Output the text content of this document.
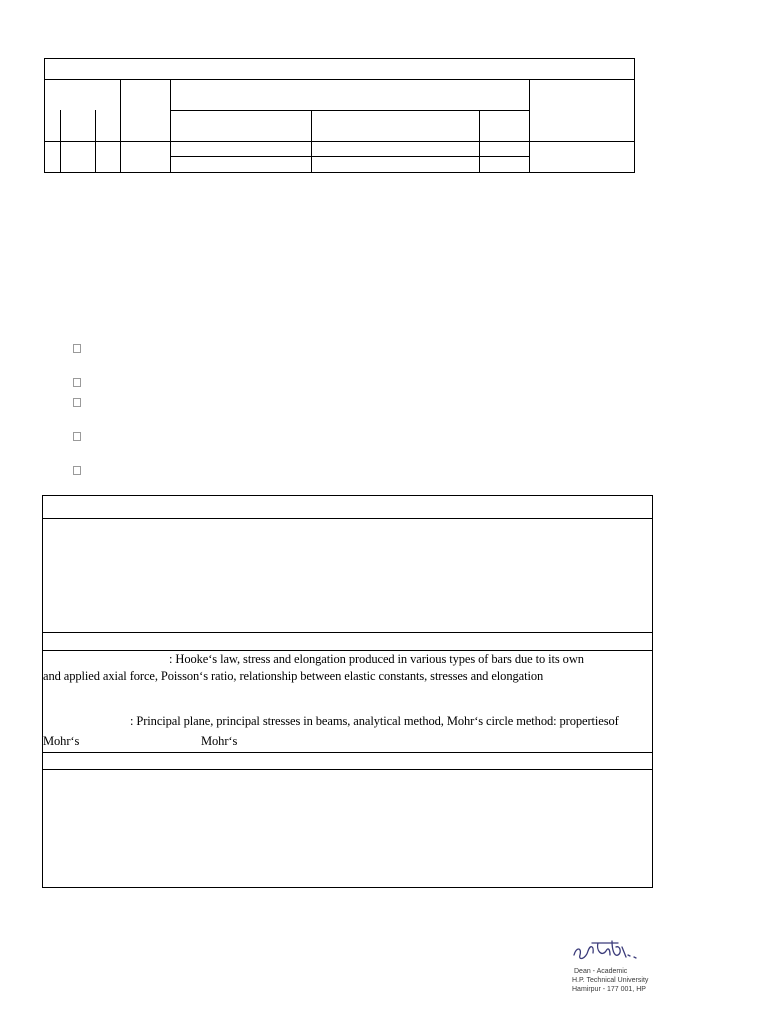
: Hooke‘s law, stress and elongation produced in various types of bars due to its own
and applied axial force, Poisson‘s ratio, relationship between elastic constants, stresses and elongation
: Principal plane, principal stresses in beams, analytical method, Mohr‘s circle method: propertiesof
Mohr‘s	Mohr‘s
Dean - Academic
H.P. Technical University
Hamirpur - 177 001, HP
